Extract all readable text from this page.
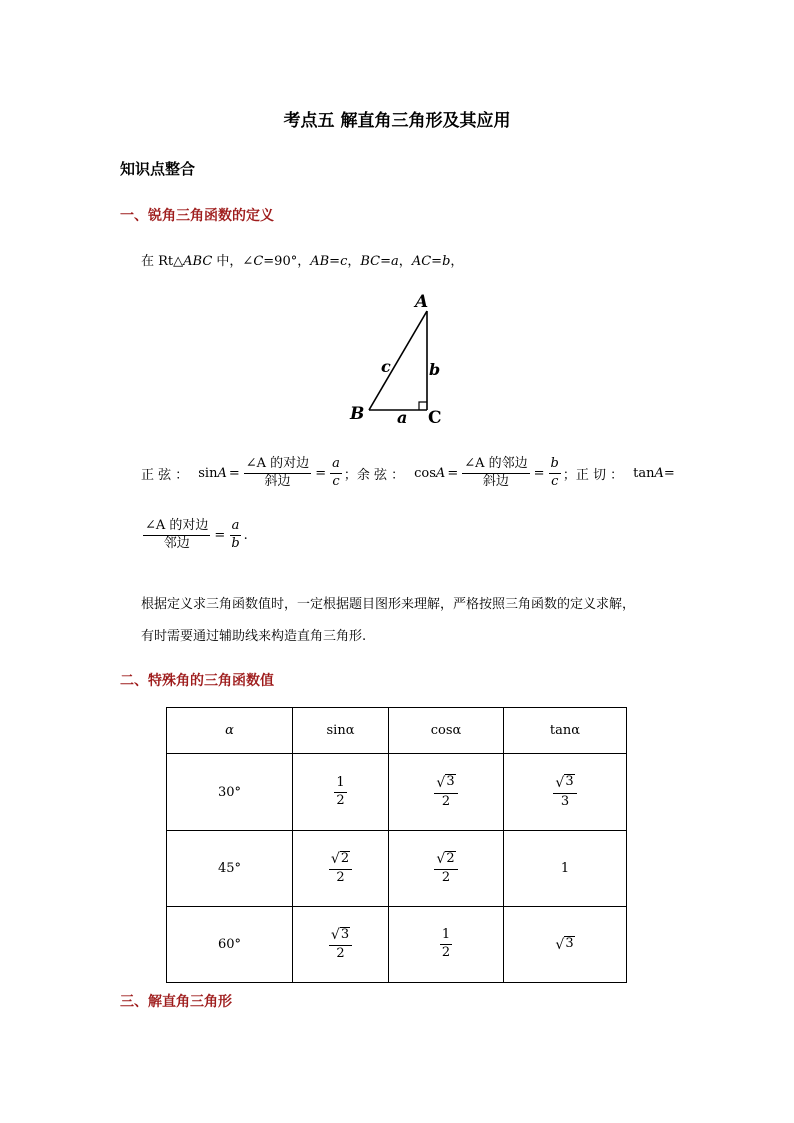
考点五 解直角三角形及其应用
知识点整合
一、锐角三角函数的定义
在 Rt△ABC 中，∠C=90°，AB=c，BC=a，AC=b，
A
B	C
b
c
a
正 弦 ： $\sin A = \frac{\text{∠A 的对边}}{\text{斜边}} = \frac{a}{c}$ ； 余 弦 ： $\cos A = \frac{\text{∠A 的邻边}}{\text{斜边}} = \frac{b}{c}$ ； 正 切 ： tan A =
$\frac{\text{∠A 的对边}}{\text{邻边}} = \frac{a}{b}$ .
根据定义求三角函数值时，一定根据题目图形来理解，严格按照三角函数的定义求解，
有时需要通过辅助线来构造直角三角形.
二、特殊角的三角函数值
α	sinα	cosα	tanα
30°	$\frac{1}{2}$	$\frac{√ 3}{2}$	$\frac{√ 3}{3}$

45°	$\frac{√ 2}{2}$	$\frac{√ 2}{2}$	1
60°	$\frac{√ 3}{2}$	$\frac{1}{2}$	√ 3
三、解直角三角形
